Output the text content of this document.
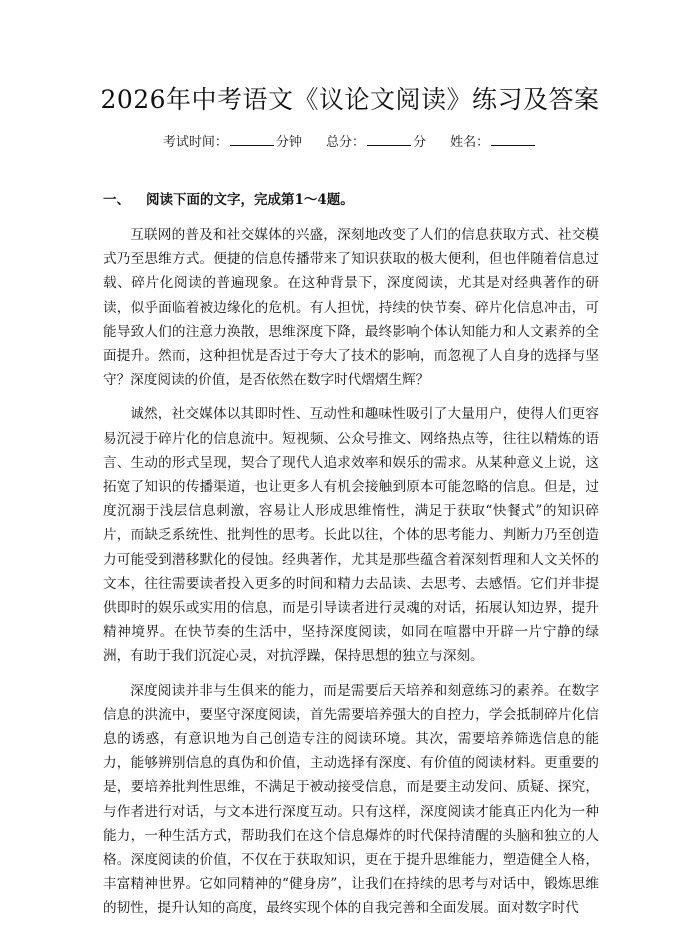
2026年中考语文《议论文阅读》练习及答案
考试时间：	分钟 总分：	分 姓名：
一、 阅读下面的文字，完成第1～4题。

互联网的普及和社交媒体的兴盛，深刻地改变了人们的信息获取方式、社交模式乃至思维方式。便捷的信息传播带来了知识获取的极大便利，但也伴随着信息过载、碎片化阅读的普遍现象。在这种背景下，深度阅读，尤其是对经典著作的研读，似乎面临着被边缘化的危机。有人担忧，持续的快节奏、碎片化信息冲击，可能导致人们的注意力涣散，思维深度下降，最终影响个体认知能力和人文素养的全面提升。然而，这种担忧是否过于夸大了技术的影响，而忽视了人自身的选择与坚守？深度阅读的价值，是否依然在数字时代熠熠生辉？

诚然，社交媒体以其即时性、互动性和趣味性吸引了大量用户，使得人们更容易沉浸于碎片化的信息流中。短视频、公众号推文、网络热点等，往往以精炼的语言、生动的形式呈现，契合了现代人追求效率和娱乐的需求。从某种意义上说，这拓宽了知识的传播渠道，也让更多人有机会接触到原本可能忽略的信息。但是，过度沉溺于浅层信息刺激，容易让人形成思维惰性，满足于获取“快餐式”的知识碎片，而缺乏系统性、批判性的思考。长此以往，个体的思考能力、判断力乃至创造力可能受到潜移默化的侵蚀。经典著作，尤其是那些蕴含着深刻哲理和人文关怀的文本，往往需要读者投入更多的时间和精力去品读、去思考、去感悟。它们并非提供即时的娱乐或实用的信息，而是引导读者进行灵魂的对话，拓展认知边界，提升精神境界。在快节奏的生活中，坚持深度阅读，如同在喧嚣中开辟一片宁静的绿洲，有助于我们沉淀心灵，对抗浮躁，保持思想的独立与深刻。

深度阅读并非与生俱来的能力，而是需要后天培养和刻意练习的素养。在数字信息的洪流中，要坚守深度阅读，首先需要培养强大的自控力，学会抵制碎片化信息的诱惑，有意识地为自己创造专注的阅读环境。其次，需要培养筛选信息的能力，能够辨别信息的真伪和价值，主动选择有深度、有价值的阅读材料。更重要的是，要培养批判性思维，不满足于被动接受信息，而是要主动发问、质疑、探究，与作者进行对话，与文本进行深度互动。只有这样，深度阅读才能真正内化为一种能力，一种生活方式，帮助我们在这个信息爆炸的时代保持清醒的头脑和独立的人格。深度阅读的价值，不仅在于获取知识，更在于提升思维能力，塑造健全人格，丰富精神世界。它如同精神的“健身房”，让我们在持续的思考与对话中，锻炼思维的韧性，提升认知的高度，最终实现个体的自我完善和全面发展。面对数字时代
